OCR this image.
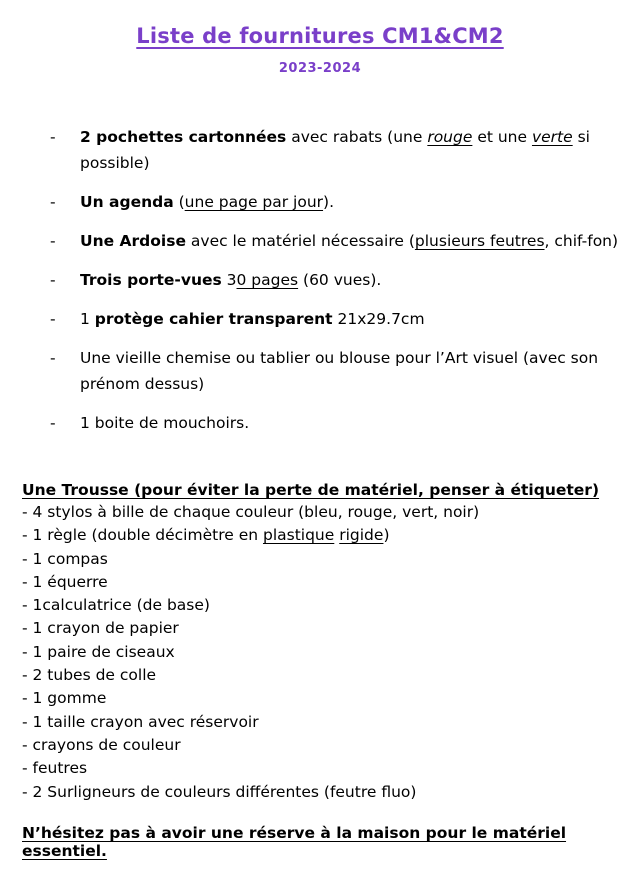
Liste de fournitures CM1&CM2
2023-2024
- 2 pochettes cartonnées avec rabats (une rouge et une verte si possible)
- Un agenda (une page par jour).
- Une Ardoise avec le matériel nécessaire (plusieurs feutres, chif-fon)
- Trois porte-vues 30 pages (60 vues).
- 1 protège cahier transparent 21x29.7cm
- Une vieille chemise ou tablier ou blouse pour l’Art visuel (avec son prénom dessus)
- 1 boite de mouchoirs.
Une Trousse (pour éviter la perte de matériel, penser à étiqueter)
- 4 stylos à bille de chaque couleur (bleu, rouge, vert, noir)
- 1 règle (double décimètre en plastique rigide)
- 1 compas
- 1 équerre
- 1calculatrice (de base)
- 1 crayon de papier
- 1 paire de ciseaux
- 2 tubes de colle
- 1 gomme
- 1 taille crayon avec réservoir
- crayons de couleur
- feutres
- 2 Surligneurs de couleurs différentes (feutre fluo)
N’hésitez pas à avoir une réserve à la maison pour le matériel essentiel.
